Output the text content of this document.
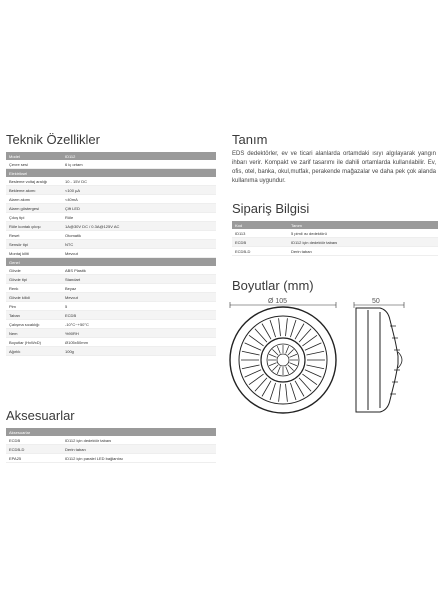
Teknik Özellikler
Model	ID112
Çevre sesi	6 iç ortam
Elektriksel	
Besleme voltaj aralığı	10 - 15V DC
Bekleme akımı	<100 µA
Alarm akımı	<40mA
Alarm göstergesi	Çift LED
Çıkış tipi	Röle
Röle kontak çıkışı	1A@30V DC / 0.3A@125V AC
Reset	Otomatik
Sensör tipi	NTC
Montaj kiliti	Mevcut
Genel	
Gövde	ABS Plastik
Gövde tipi	Standart
Renk	Beyaz
Gövde kilidi	Mevcut
Pim	5
Taban	ECDB
Çalışma sıcaklığı	-10°C~+50°C
Nem	%90RH
Boyutlar (HxWxD)	Ø105x50mm
Ağırlık	100g
Tanım

EDS dedektörler, ev ve ticari alanlarda ortamdaki ısıyı algılayarak yangın ihbarı verir. Kompakt ve zarif tasarımı ile dahili ortamlarda kullanılabilir. Ev, ofis, otel, banka, okul,mutfak, perakende mağazalar ve daha pek çok alanda kullanıma uygundur.

Sipariş Bilgisi
Kod	Tanım
ID113	5 pimli ısı dedektörü
ECDB	ID112 için dedektör tabanı
ECDB-D	Derin taban
Boyutlar (mm)
Ø 105	50
Aksesuarlar
Aksesuarlar	
ECDB	ID112 için dedektör tabanı
ECDB-D	Derin taban
EPA25	ID112 için paralel LED bağlantısı
